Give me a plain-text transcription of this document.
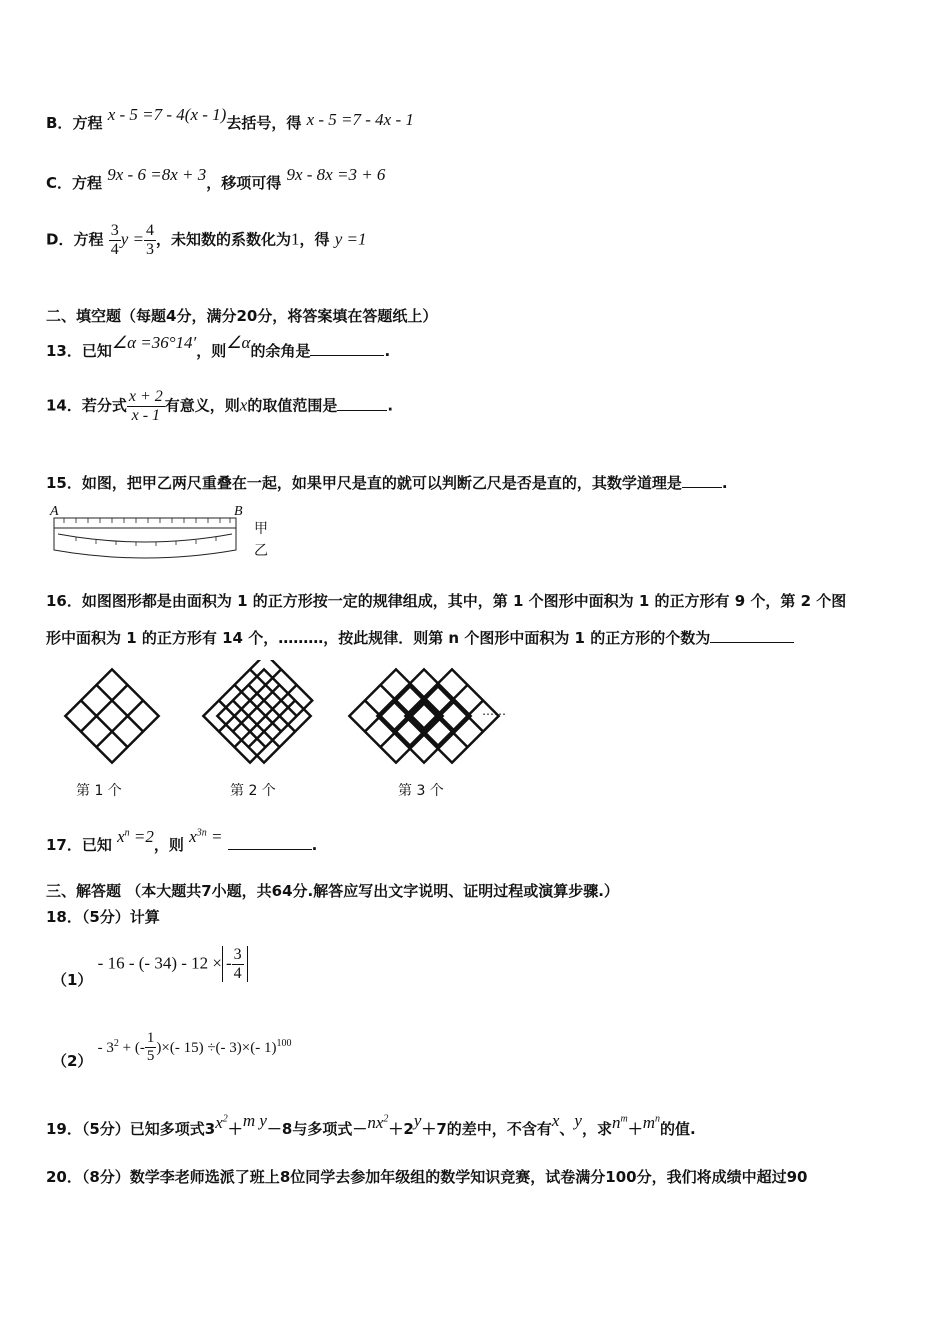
B．方程 x - 5 =7 - 4(x - 1)去括号，得 x - 5 =7 - 4x - 1
C．方程 9x - 6 =8x + 3，移项可得 9x - 8x =3 + 6
D．方程 $\frac{3}{4}$ $y = \frac{4}{3}$ ，未知数的系数化为1，得 y =1
二、填空题（每题4分，满分20分，将答案填在答题纸上）
13．已知∠α =36°14′，则∠α的余角是	.
14．若分式 $\frac{x + 2}{x - 1}$ 有意义，则x的取值范围是	.
15．如图，把甲乙两尺重叠在一起，如果甲尺是直的就可以判断乙尺是否是直的，其数学道理是	.
A	B
甲
乙
16．如图图形都是由面积为 1 的正方形按一定的规律组成，其中，第 1 个图形中面积为 1 的正方形有 9 个，第 2 个图
形中面积为 1 的正方形有 14 个，………，按此规律．则第 n 个图形中面积为 1 的正方形的个数为
……
第 1 个	第 2 个	第 3 个
17．已知 $x^n =2$，则 $x^{3n}$ =	.
三、解答题 （本大题共7小题，共64分.解答应写出文字说明、证明过程或演算步骤.）
18．（5分）计算
（1） - 16 - (- 34) - 12 × - $\frac{3}{4}$
$(2) - 3^2$ + (- $\frac{1}{5}$ )×(- 15) ÷(- 3)×(- 1)$^{100}$
19．（5分）已知多项式$3x^2+m$ y－8与多项式$-nx^2+2y+7$的差中，不含有x、y，求$n^m+m^n$的值.
20．（8分）数学李老师选派了班上8位同学去参加年级组的数学知识竞赛，试卷满分100分，我们将成绩中超过90
